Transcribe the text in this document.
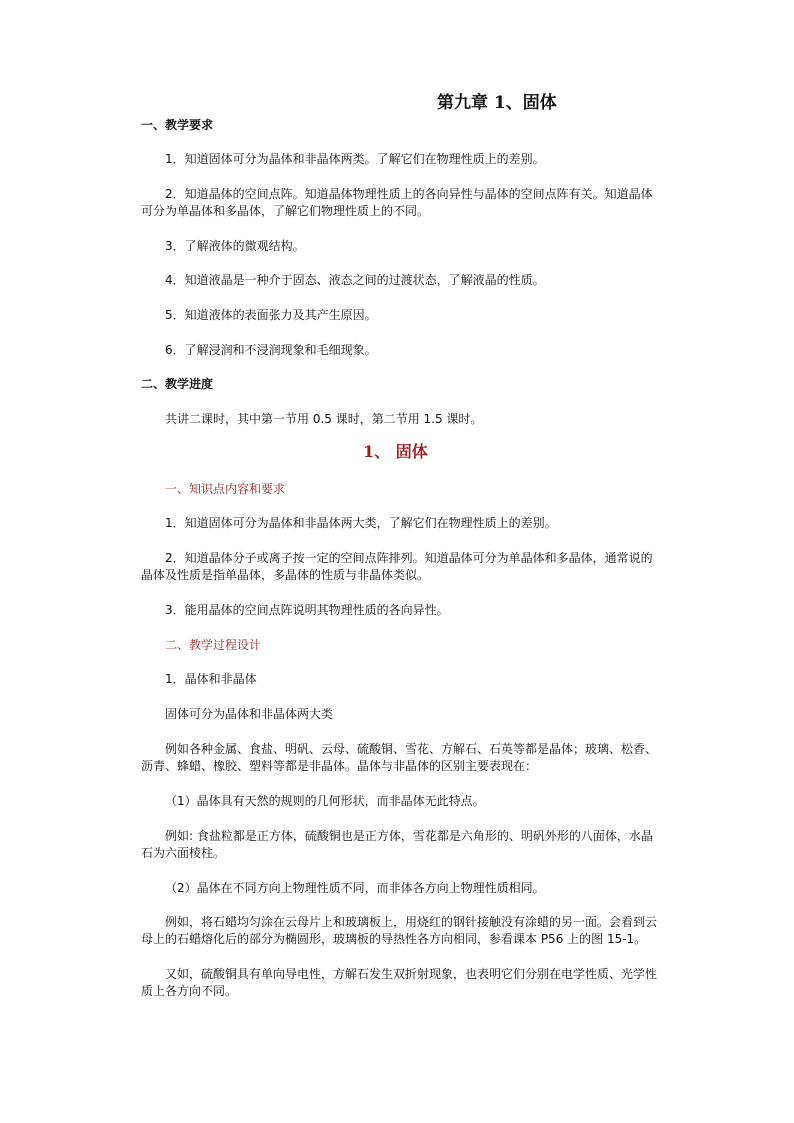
第九章 1、固体
一、教学要求
1．知道固体可分为晶体和非晶体两类。了解它们在物理性质上的差别。
2．知道晶体的空间点阵。知道晶体物理性质上的各向异性与晶体的空间点阵有关。知道晶体
可分为单晶体和多晶体，了解它们物理性质上的不同。
3．了解液体的微观结构。
4．知道液晶是一种介于固态、液态之间的过渡状态，了解液晶的性质。
5．知道液体的表面张力及其产生原因。
6．了解浸润和不浸润现象和毛细现象。
二、教学进度
共讲二课时，其中第一节用 0.5 课时，第二节用 1.5 课时。
1、 固体
一、知识点内容和要求
1．知道固体可分为晶体和非晶体两大类，了解它们在物理性质上的差别。
2．知道晶体分子或离子按一定的空间点阵排列。知道晶体可分为单晶体和多晶体，通常说的
晶体及性质是指单晶体，多晶体的性质与非晶体类似。
3．能用晶体的空间点阵说明其物理性质的各向异性。
二、教学过程设计
1．晶体和非晶体
固体可分为晶体和非晶体两大类
例如各种金属、食盐、明矾、云母、硫酸铜、雪花、方解石、石英等都是晶体；玻璃、松香、
沥青、蜂蜡、橡胶、塑料等都是非晶体。晶体与非晶体的区别主要表现在：
（1）晶体具有天然的规则的几何形状，而非晶体无此特点。
例如: 食盐粒都是正方体，硫酸铜也是正方体，雪花都是六角形的、明矾外形的八面体，水晶
石为六面棱柱。
（2）晶体在不同方向上物理性质不同，而非体各方向上物理性质相同。
例如，将石蜡均匀涂在云母片上和玻璃板上，用烧红的钢针接触没有涂蜡的另一面。会看到云
母上的石蜡熔化后的部分为椭圆形，玻璃板的导热性各方向相同，参看课本 P56 上的图 15-1。
又如，硫酸铜具有单向导电性，方解石发生双折射现象，也表明它们分别在电学性质、光学性
质上各方向不同。
